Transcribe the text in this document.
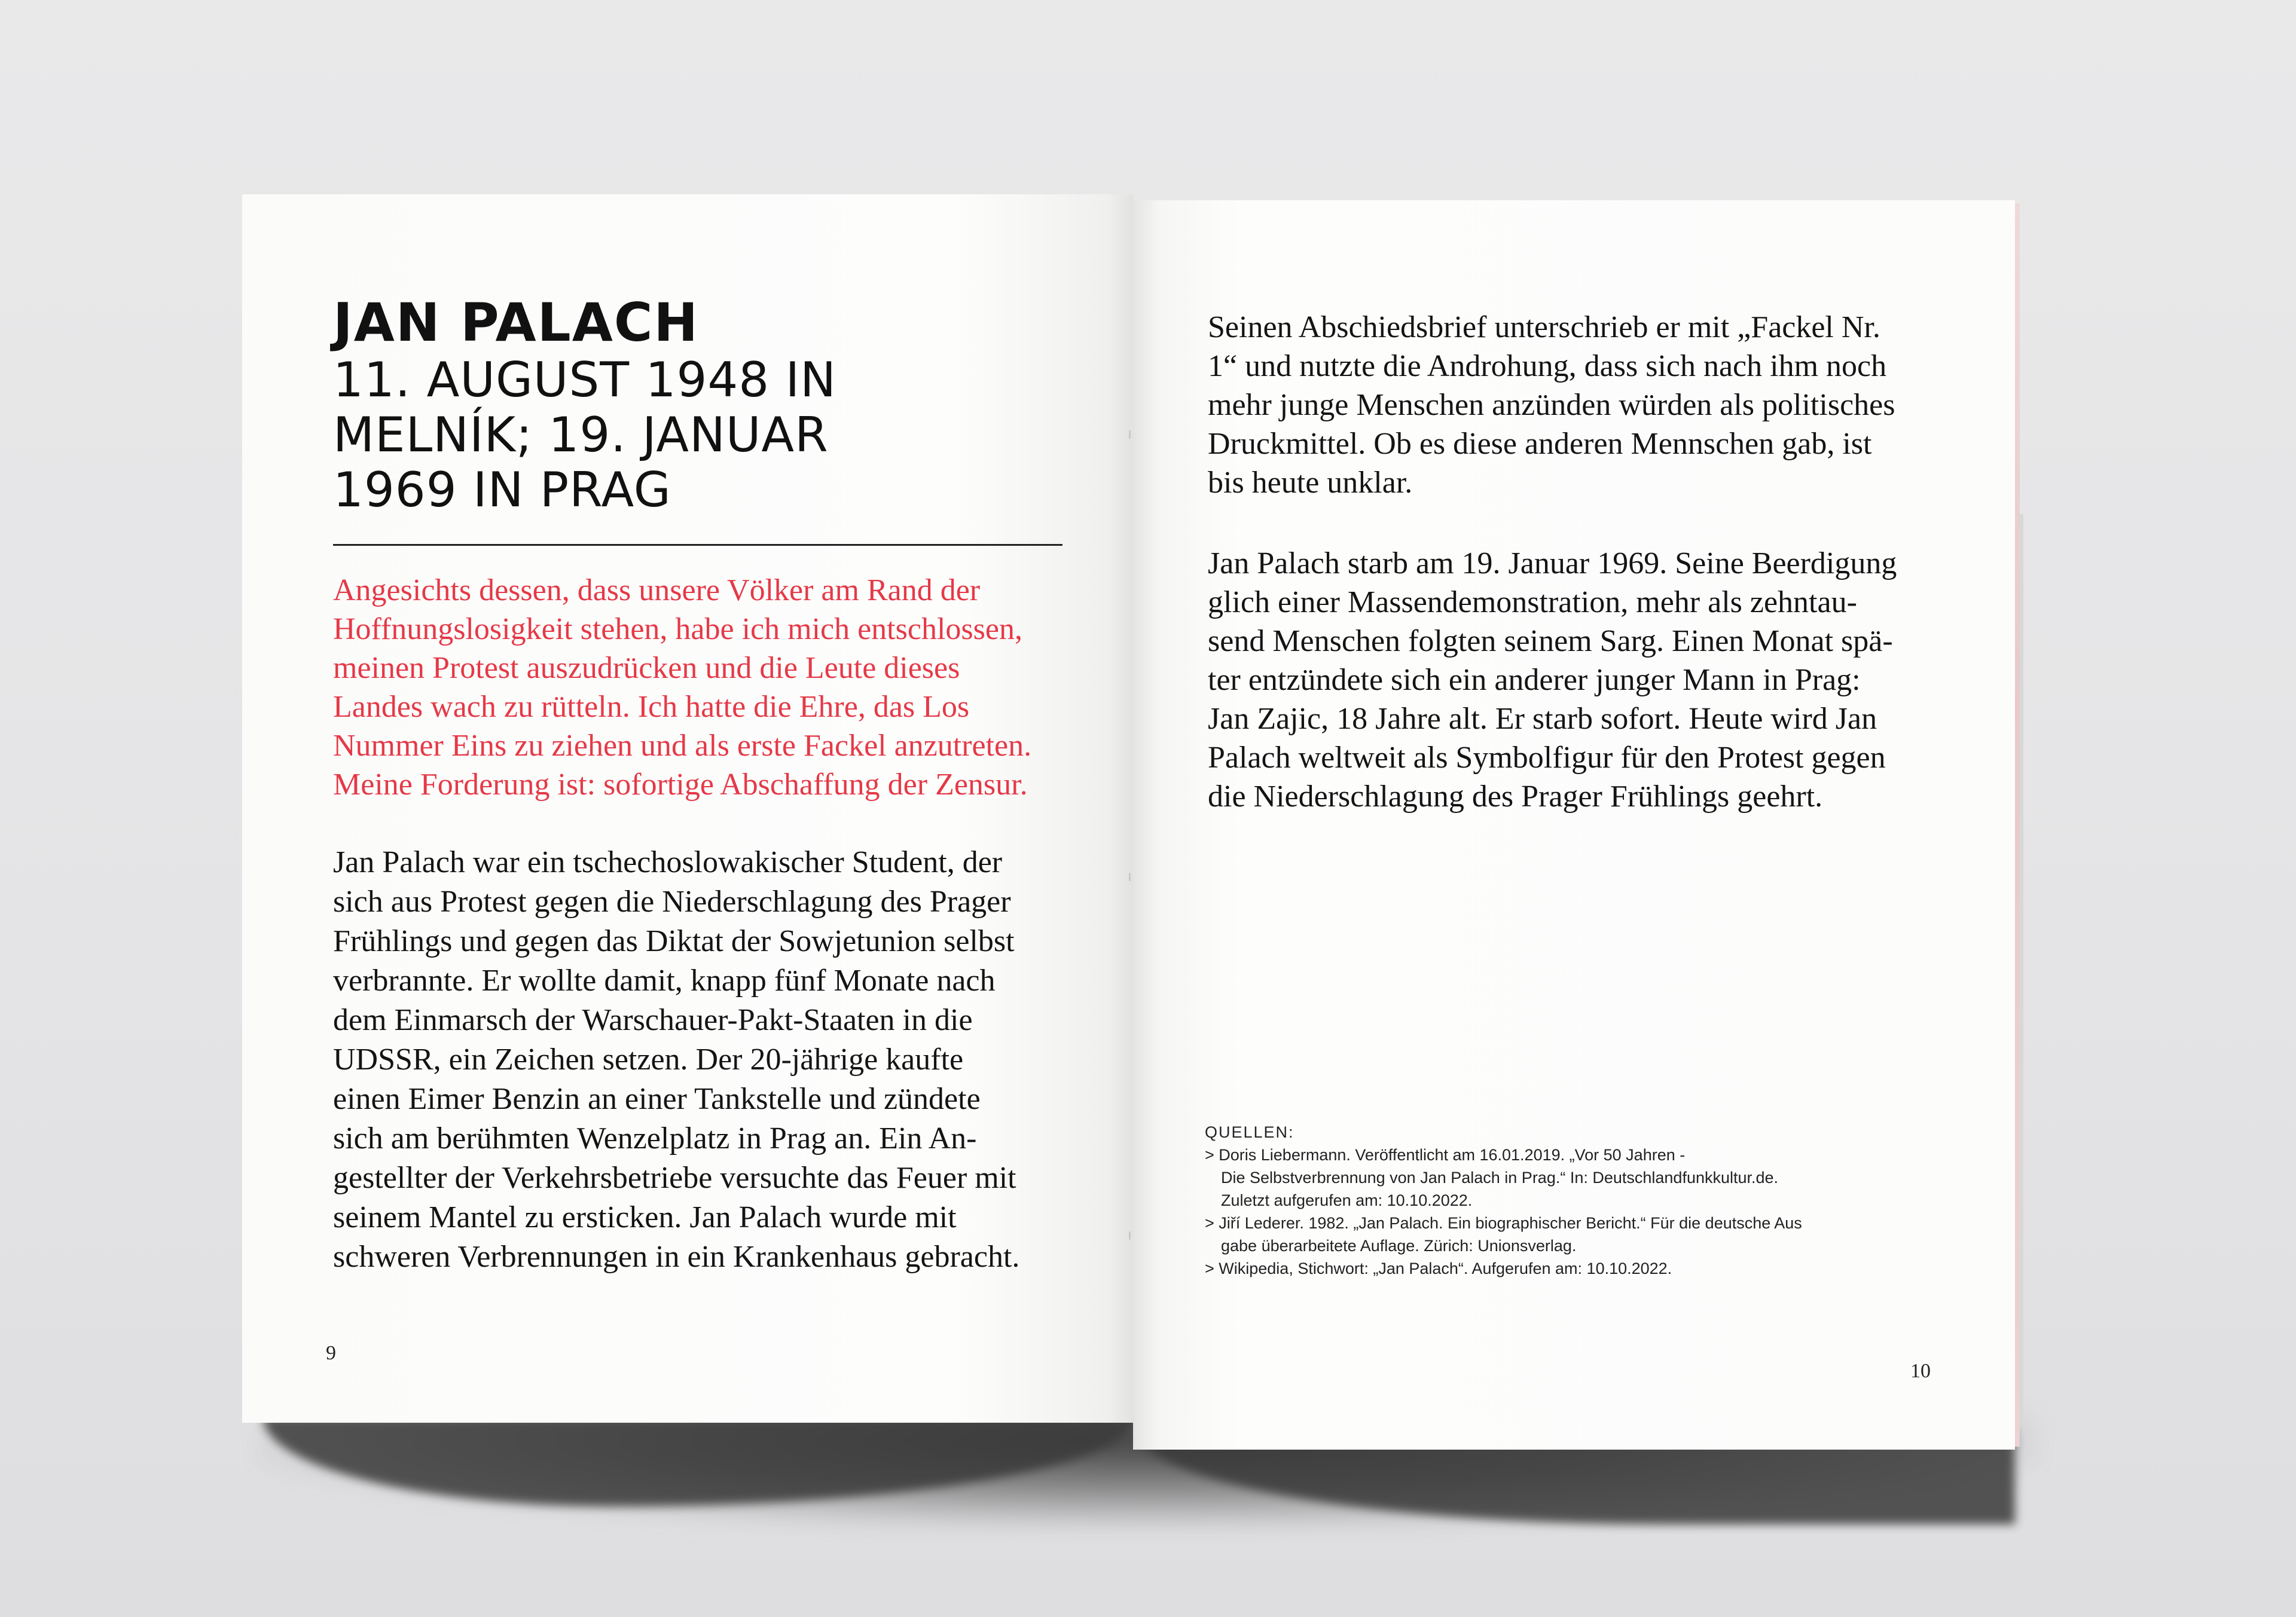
JAN PALACH
11. AUGUST 1948 IN
MELNÍK; 19. JANUAR
1969 IN PRAG
Angesichts dessen, dass unsere Völker am Rand der
Hoffnungslosigkeit stehen, habe ich mich entschlossen,
meinen Protest auszudrücken und die Leute dieses
Landes wach zu rütteln. Ich hatte die Ehre, das Los
Nummer Eins zu ziehen und als erste Fackel anzutreten.
Meine Forderung ist: sofortige Abschaffung der Zensur.
Jan Palach war ein tschechoslowakischer Student, der
sich aus Protest gegen die Niederschlagung des Prager
Frühlings und gegen das Diktat der Sowjetunion selbst
verbrannte. Er wollte damit, knapp fünf Monate nach
dem Einmarsch der Warschauer-Pakt-Staaten in die
UDSSR, ein Zeichen setzen. Der 20-jährige kaufte
einen Eimer Benzin an einer Tankstelle und zündete
sich am berühmten Wenzelplatz in Prag an. Ein An-
gestellter der Verkehrsbetriebe versuchte das Feuer mit
seinem Mantel zu ersticken. Jan Palach wurde mit
schweren Verbrennungen in ein Krankenhaus gebracht.
9
Seinen Abschiedsbrief unterschrieb er mit „Fackel Nr.
1“ und nutzte die Androhung, dass sich nach ihm noch
mehr junge Menschen anzünden würden als politisches
Druckmittel. Ob es diese anderen Mennschen gab, ist
bis heute unklar.
Jan Palach starb am 19. Januar 1969. Seine Beerdigung
glich einer Massendemonstration, mehr als zehntau-
send Menschen folgten seinem Sarg. Einen Monat spä-
ter entzündete sich ein anderer junger Mann in Prag:
Jan Zajic, 18 Jahre alt. Er starb sofort. Heute wird Jan
Palach weltweit als Symbolfigur für den Protest gegen
die Niederschlagung des Prager Frühlings geehrt.
QUELLEN:
> Doris Liebermann. Veröffentlicht am 16.01.2019. „Vor 50 Jahren -
Die Selbstverbrennung von Jan Palach in Prag.“ In: Deutschlandfunkkultur.de.
Zuletzt aufgerufen am: 10.10.2022.
> Jiří Lederer. 1982. „Jan Palach. Ein biographischer Bericht.“ Für die deutsche Aus
gabe überarbeitete Auflage. Zürich: Unionsverlag.
> Wikipedia, Stichwort: „Jan Palach“. Aufgerufen am: 10.10.2022.
10
